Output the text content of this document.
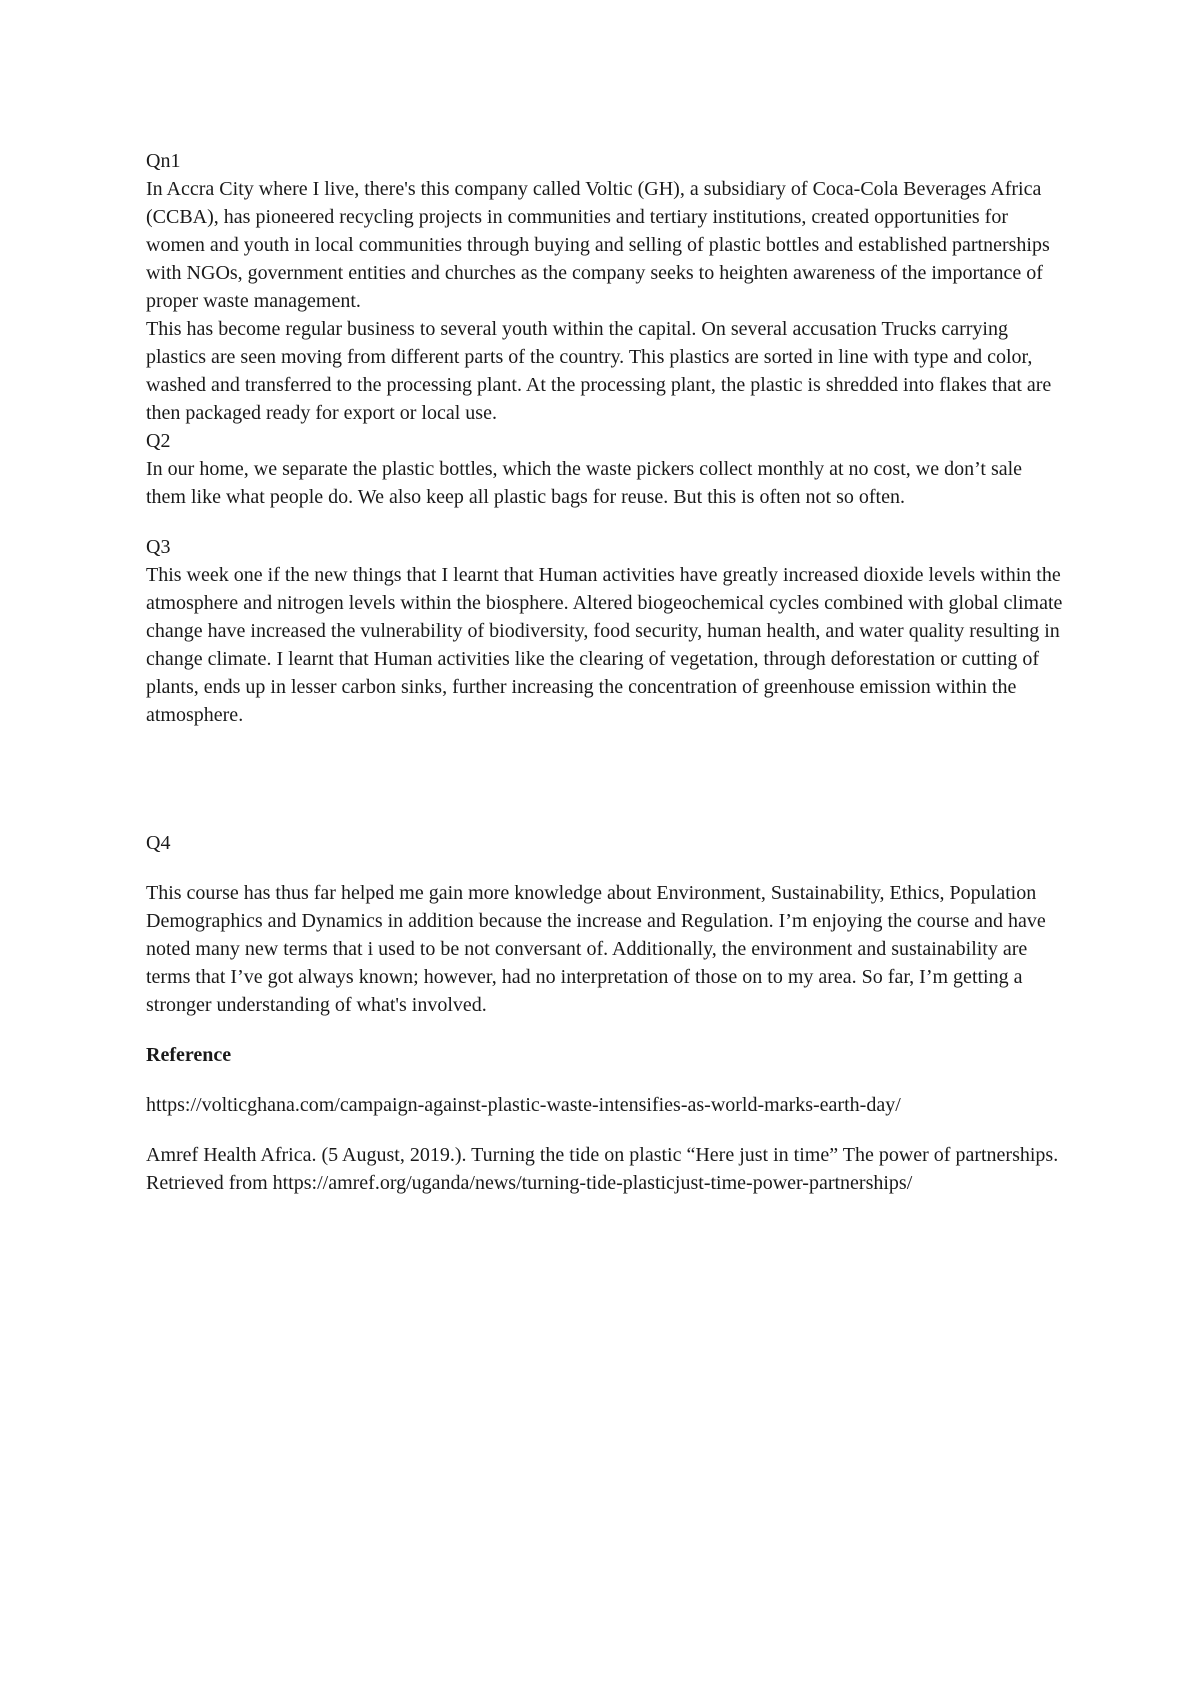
Qn1

In Accra City where I live, there's this company called Voltic (GH), a subsidiary of Coca-Cola Beverages Africa (CCBA), has pioneered recycling projects in communities and tertiary institutions, created opportunities for women and youth in local communities through buying and selling of plastic bottles and established partnerships with NGOs, government entities and churches as the company seeks to heighten awareness of the importance of proper waste management.

This has become regular business to several youth within the capital. On several accusation Trucks carrying plastics are seen moving from different parts of the country. This plastics are sorted in line with type and color, washed and transferred to the processing plant. At the processing plant, the plastic is shredded into flakes that are then packaged ready for export or local use.

Q2

In our home, we separate the plastic bottles, which the waste pickers collect monthly at no cost, we don’t sale them like what people do. We also keep all plastic bags for reuse. But this is often not so often.

Q3

This week one if the new things that I learnt that Human activities have greatly increased dioxide levels within the atmosphere and nitrogen levels within the biosphere. Altered biogeochemical cycles combined with global climate change have increased the vulnerability of biodiversity, food security, human health, and water quality resulting in change climate. I learnt that Human activities like the clearing of vegetation, through deforestation or cutting of plants, ends up in lesser carbon sinks, further increasing the concentration of greenhouse emission within the atmosphere.

Q4

This course has thus far helped me gain more knowledge about Environment, Sustainability, Ethics, Population Demographics and Dynamics in addition because the increase and Regulation. I’m enjoying the course and have noted many new terms that i used to be not conversant of. Additionally, the environment and sustainability are terms that I’ve got always known; however, had no interpretation of those on to my area. So far, I’m getting a stronger understanding of what's involved.

Reference

https://volticghana.com/campaign-against-plastic-waste-intensifies-as-world-marks-earth-day/

Amref Health Africa. (5 August, 2019.). Turning the tide on plastic “Here just in time” The power of partnerships. Retrieved from https://amref.org/uganda/news/turning-tide-plasticjust-time-power-partnerships/
